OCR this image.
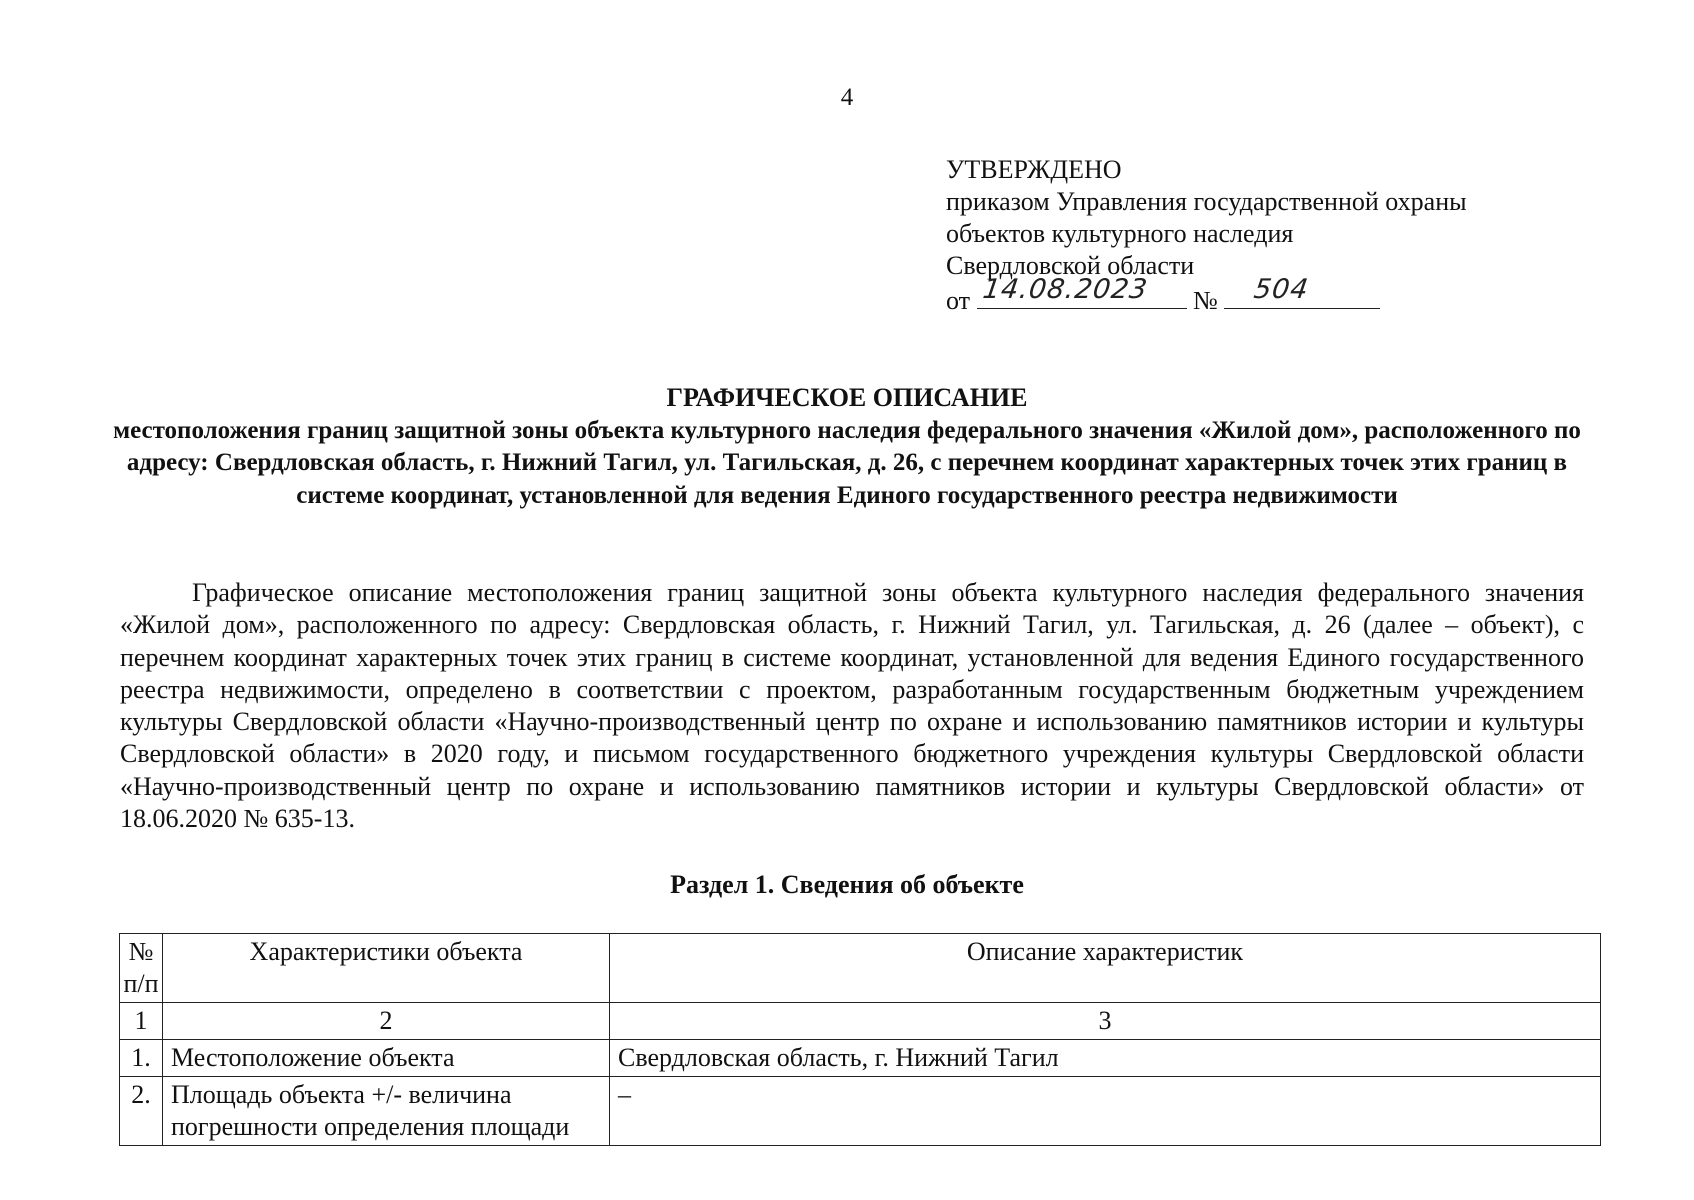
4
УТВЕРЖДЕНО
приказом Управления государственной охраны
объектов культурного наследия
Свердловской области
от 14.08.2023 № 504
ГРАФИЧЕСКОЕ ОПИСАНИЕ
местоположения границ защитной зоны объекта культурного наследия федерального значения «Жилой дом», расположенного по адресу: Свердловская область, г. Нижний Тагил, ул. Тагильская, д. 26, с перечнем координат характерных точек этих границ в системе координат, установленной для ведения Единого государственного реестра недвижимости
Графическое описание местоположения границ защитной зоны объекта культурного наследия федерального значения «Жилой дом», расположенного по адресу: Свердловская область, г. Нижний Тагил, ул. Тагильская, д. 26 (далее – объект), с перечнем координат характерных точек этих границ в системе координат, установленной для ведения Единого государственного реестра недвижимости, определено в соответствии с проектом, разработанным государственным бюджетным учреждением культуры Свердловской области «Научно-производственный центр по охране и использованию памятников истории и культуры Свердловской области» в 2020 году, и письмом государственного бюджетного учреждения культуры Свердловской области «Научно-производственный центр по охране и использованию памятников истории и культуры Свердловской области» от 18.06.2020 № 635-13.
Раздел 1. Сведения об объекте
№ п/п	Характеристики объекта	Описание характеристик
1	2	3
1.	Местоположение объекта	Свердловская область, г. Нижний Тагил
2.	Площадь объекта +/- величина погрешности определения площади	–
